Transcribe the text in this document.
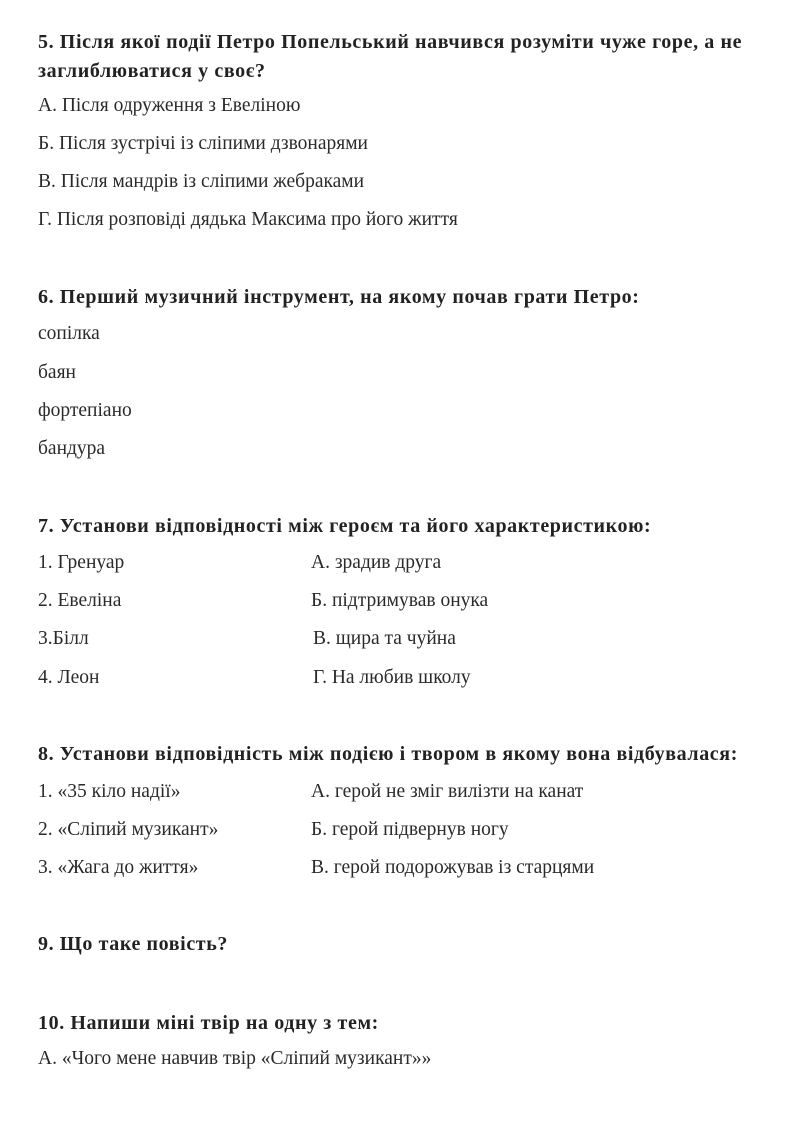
5. Після якої події Петро Попельський навчився розуміти чуже горе, а не заглиблюватися у своє?

А. Після одруження з Евеліною

Б. Після зустрічі із сліпими дзвонарями

В. Після мандрів із сліпими жебраками

Г. Після розповіді дядька Максима про його життя

6. Перший музичний інструмент, на якому почав грати Петро:

сопілка

баян

фортепіано

бандура

7. Установи відповідності між героєм та його характеристикою:

1. Гренуар	А. зрадив друга

2. Евеліна	Б. підтримував онука

3.Білл	В. щира та чуйна

4. Леон	Г. На любив школу

8. Установи відповідність між подією і твором в якому вона відбувалася:

1. «35 кіло надії»	А. герой не зміг вилізти на канат

2. «Сліпий музикант»	Б. герой підвернув ногу

3. «Жага до життя»	В. герой подорожував із старцями

9. Що таке повість?

10. Напиши міні твір на одну з тем:

А. «Чого мене навчив твір «Сліпий музикант»»
